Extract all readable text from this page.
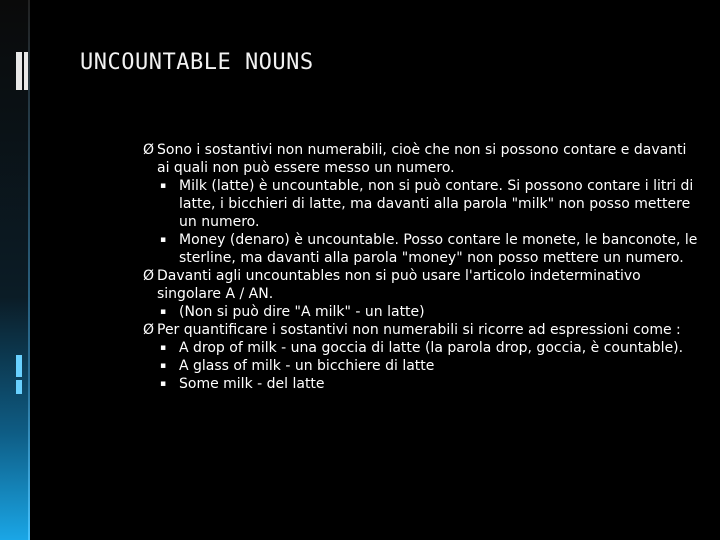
UNCOUNTABLE NOUNS
Ø Sono i sostantivi non numerabili, cioè che non si possono contare e davanti ai quali non può essere messo un numero.
▪ Milk (latte) è uncountable, non si può contare. Si possono contare i litri di latte, i bicchieri di latte, ma davanti alla parola "milk" non posso mettere un numero.
▪ Money (denaro) è uncountable. Posso contare le monete, le banconote, le sterline, ma davanti alla parola "money" non posso mettere un numero.
Ø Davanti agli uncountables non si può usare l'articolo indeterminativo singolare A / AN.
▪ (Non si può dire "A milk" - un latte)
Ø Per quantificare i sostantivi non numerabili si ricorre ad espressioni come :
▪ A drop of milk - una goccia di latte (la parola drop, goccia, è countable).
▪ A glass of milk - un bicchiere di latte
▪ Some milk - del latte
